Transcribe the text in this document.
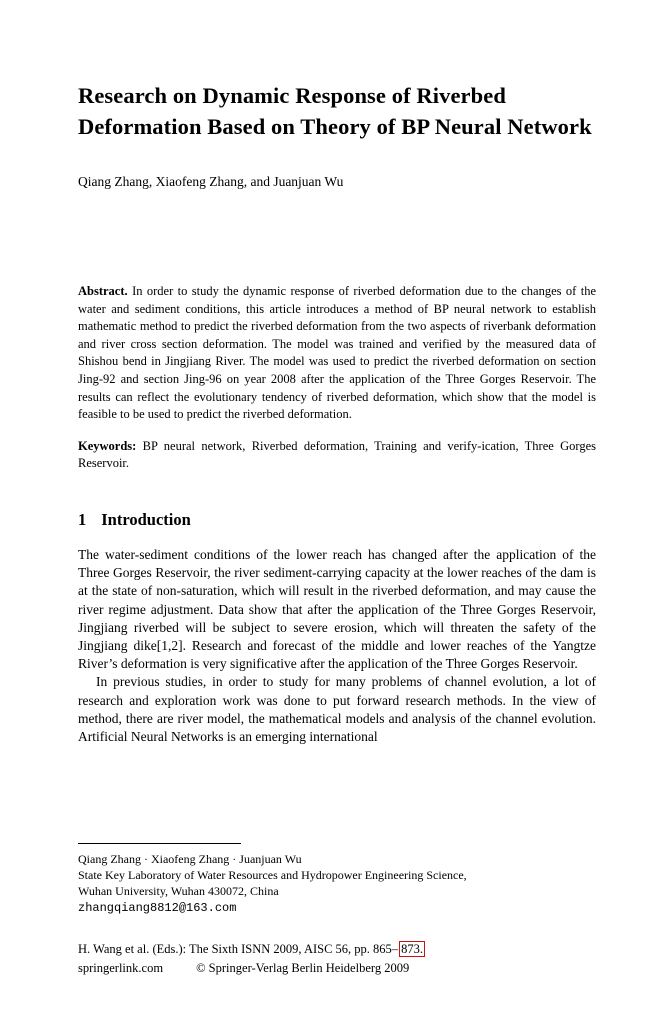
Research on Dynamic Response of Riverbed Deformation Based on Theory of BP Neural Network
Qiang Zhang, Xiaofeng Zhang, and Juanjuan Wu

Abstract. In order to study the dynamic response of riverbed deformation due to the changes of the water and sediment conditions, this article introduces a method of BP neural network to establish mathematic method to predict the riverbed deformation from the two aspects of riverbank deformation and river cross section deformation. The model was trained and verified by the measured data of Shishou bend in Jingjiang River. The model was used to predict the riverbed deformation on section Jing-92 and section Jing-96 on year 2008 after the application of the Three Gorges Reservoir. The results can reflect the evolutionary tendency of riverbed deformation, which show that the model is feasible to be used to predict the riverbed deformation.

Keywords: BP neural network, Riverbed deformation, Training and verify-ication, Three Gorges Reservoir.

1 Introduction

The water-sediment conditions of the lower reach has changed after the application of the Three Gorges Reservoir, the river sediment-carrying capacity at the lower reaches of the dam is at the state of non-saturation, which will result in the riverbed deformation, and may cause the river regime adjustment. Data show that after the application of the Three Gorges Reservoir, Jingjiang riverbed will be subject to severe erosion, which will threaten the safety of the Jingjiang dike[1,2]. Research and forecast of the middle and lower reaches of the Yangtze River’s deformation is very significative after the application of the Three Gorges Reservoir.

In previous studies, in order to study for many problems of channel evolution, a lot of research and exploration work was done to put forward research methods. In the view of method, there are river model, the mathematical models and analysis of the channel evolution. Artificial Neural Networks is an emerging international

Qiang Zhang · Xiaofeng Zhang · Juanjuan Wu
State Key Laboratory of Water Resources and Hydropower Engineering Science,
Wuhan University, Wuhan 430072, China
zhangqiang8812@163.com
H. Wang et al. (Eds.): The Sixth ISNN 2009, AISC 56, pp. 865– 873.
springerlink.com	© Springer-Verlag Berlin Heidelberg 2009
